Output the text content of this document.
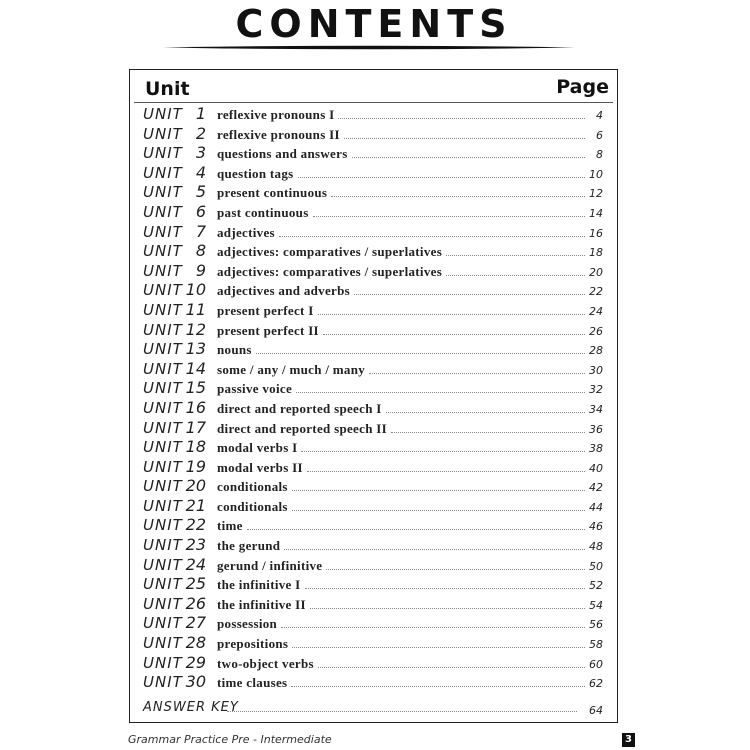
CONTENTS
Unit	Page
UNIT 1 reflexive pronouns I	4
UNIT 2 reflexive pronouns II	6
UNIT 3 questions and answers	8
UNIT 4 question tags	10
UNIT 5 present continuous	12
UNIT 6 past continuous	14
UNIT 7 adjectives	16
UNIT 8 adjectives: comparatives / superlatives	18
UNIT 9 adjectives: comparatives / superlatives	20
UNIT 10 adjectives and adverbs	22
UNIT 11 present perfect I	24
UNIT 12 present perfect II	26
UNIT 13 nouns	28
UNIT 14 some / any / much / many	30
UNIT 15 passive voice	32
UNIT 16 direct and reported speech I	34
UNIT 17 direct and reported speech II	36
UNIT 18 modal verbs I	38
UNIT 19 modal verbs II	40
UNIT 20 conditionals	42
UNIT 21 conditionals	44
UNIT 22 time	46
UNIT 23 the gerund	48
UNIT 24 gerund / infinitive	50
UNIT 25 the infinitive I	52
UNIT 26 the infinitive II	54
UNIT 27 possession	56
UNIT 28 prepositions	58
UNIT 29 two-object verbs	60
UNIT 30 time clauses	62
ANSWER KEY	64
Grammar Practice Pre - Intermediate	3
